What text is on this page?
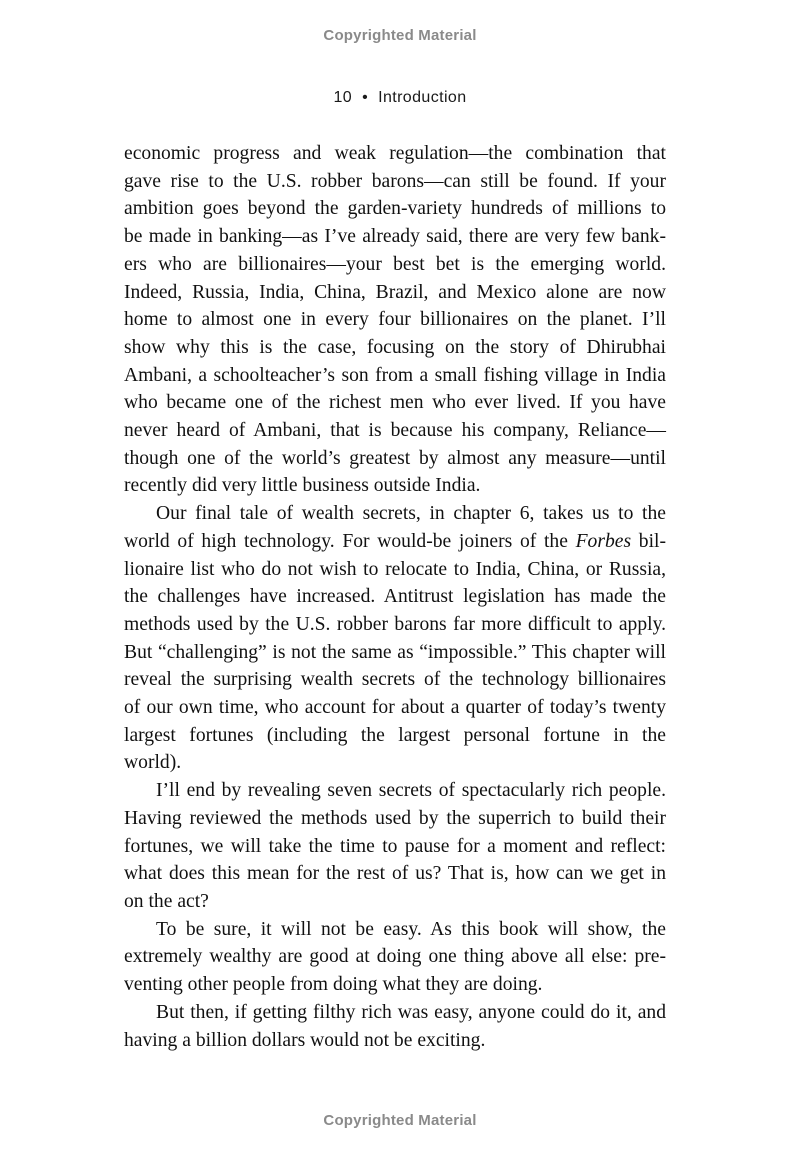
Copyrighted Material
10 • Introduction
economic progress and weak regulation—the combination that
gave rise to the U.S. robber barons—can still be found. If your
ambition goes beyond the garden-variety hundreds of millions to
be made in banking—as I’ve already said, there are very few bank-
ers who are billionaires—your best bet is the emerging world.
Indeed, Russia, India, China, Brazil, and Mexico alone are now
home to almost one in every four billionaires on the planet. I’ll
show why this is the case, focusing on the story of Dhirubhai
Ambani, a schoolteacher’s son from a small fishing village in India
who became one of the richest men who ever lived. If you have
never heard of Ambani, that is because his company, Reliance—
though one of the world’s greatest by almost any measure—until
recently did very little business outside India.
Our final tale of wealth secrets, in chapter 6, takes us to the
world of high technology. For would-be joiners of the Forbes bil-
lionaire list who do not wish to relocate to India, China, or Russia,
the challenges have increased. Antitrust legislation has made the
methods used by the U.S. robber barons far more difficult to apply.
But “challenging” is not the same as “impossible.” This chapter will
reveal the surprising wealth secrets of the technology billionaires
of our own time, who account for about a quarter of today’s twenty
largest fortunes (including the largest personal fortune in the
world).
I’ll end by revealing seven secrets of spectacularly rich people.
Having reviewed the methods used by the superrich to build their
fortunes, we will take the time to pause for a moment and reflect:
what does this mean for the rest of us? That is, how can we get in
on the act?
To be sure, it will not be easy. As this book will show, the
extremely wealthy are good at doing one thing above all else: pre-
venting other people from doing what they are doing.
But then, if getting filthy rich was easy, anyone could do it, and
having a billion dollars would not be exciting.
Copyrighted Material
